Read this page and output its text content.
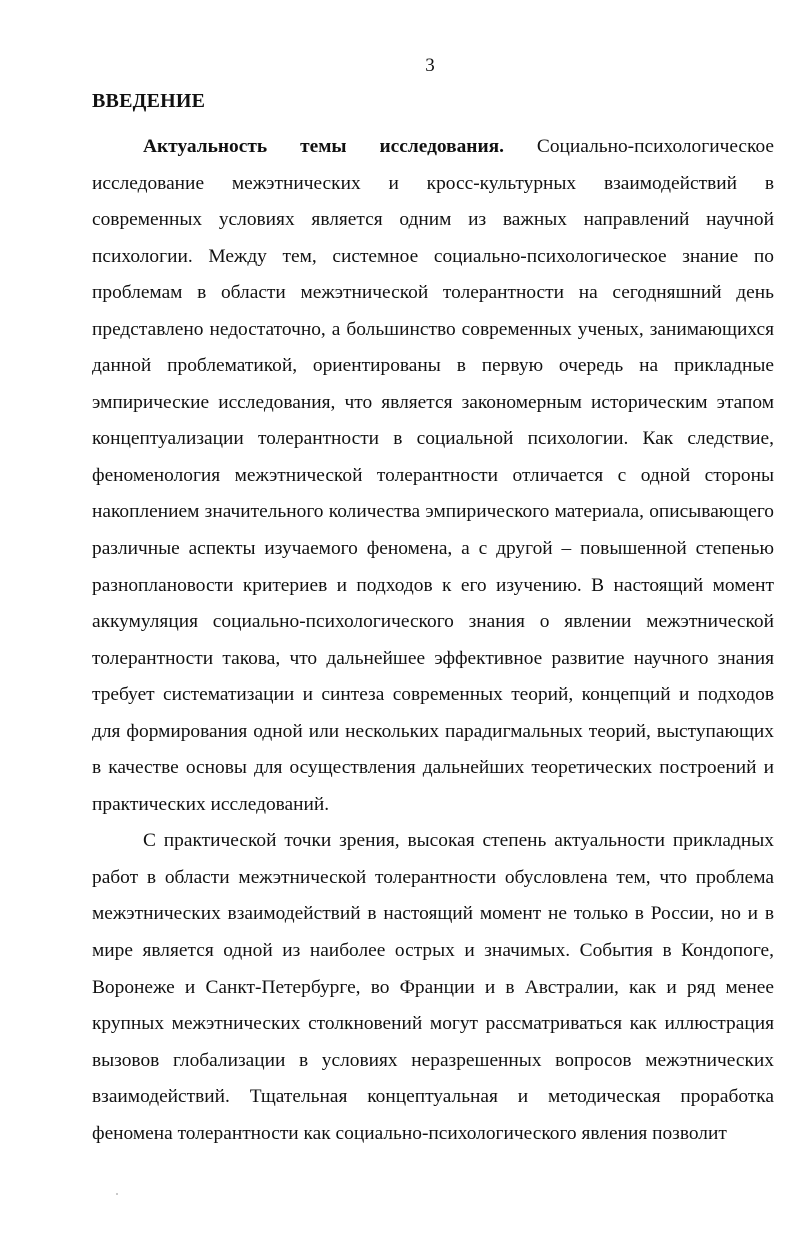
3
ВВЕДЕНИЕ

Актуальность темы исследования. Социально-психологическое исследование межэтнических и кросс-культурных взаимодействий в современных условиях является одним из важных направлений научной психологии. Между тем, системное социально-психологическое знание по проблемам в области межэтнической толерантности на сегодняшний день представлено недостаточно, а большинство современных ученых, занимающихся данной проблематикой, ориентированы в первую очередь на прикладные эмпирические исследования, что является закономерным историческим этапом концептуализации толерантности в социальной психологии. Как следствие, феноменология межэтнической толерантности отличается с одной стороны накоплением значительного количества эмпирического материала, описывающего различные аспекты изучаемого феномена, а с другой – повышенной степенью разноплановости критериев и подходов к его изучению. В настоящий момент аккумуляция социально-психологического знания о явлении межэтнической толерантности такова, что дальнейшее эффективное развитие научного знания требует систематизации и синтеза современных теорий, концепций и подходов для формирования одной или нескольких парадигмальных теорий, выступающих в качестве основы для осуществления дальнейших теоретических построений и практических исследований.

С практической точки зрения, высокая степень актуальности прикладных работ в области межэтнической толерантности обусловлена тем, что проблема межэтнических взаимодействий в настоящий момент не только в России, но и в мире является одной из наиболее острых и значимых. События в Кондопоге, Воронеже и Санкт-Петербурге, во Франции и в Австралии, как и ряд менее крупных межэтнических столкновений могут рассматриваться как иллюстрация вызовов глобализации в условиях неразрешенных вопросов межэтнических взаимодействий. Тщательная концептуальная и методическая проработка феномена толерантности как социально-психологического явления позволит
